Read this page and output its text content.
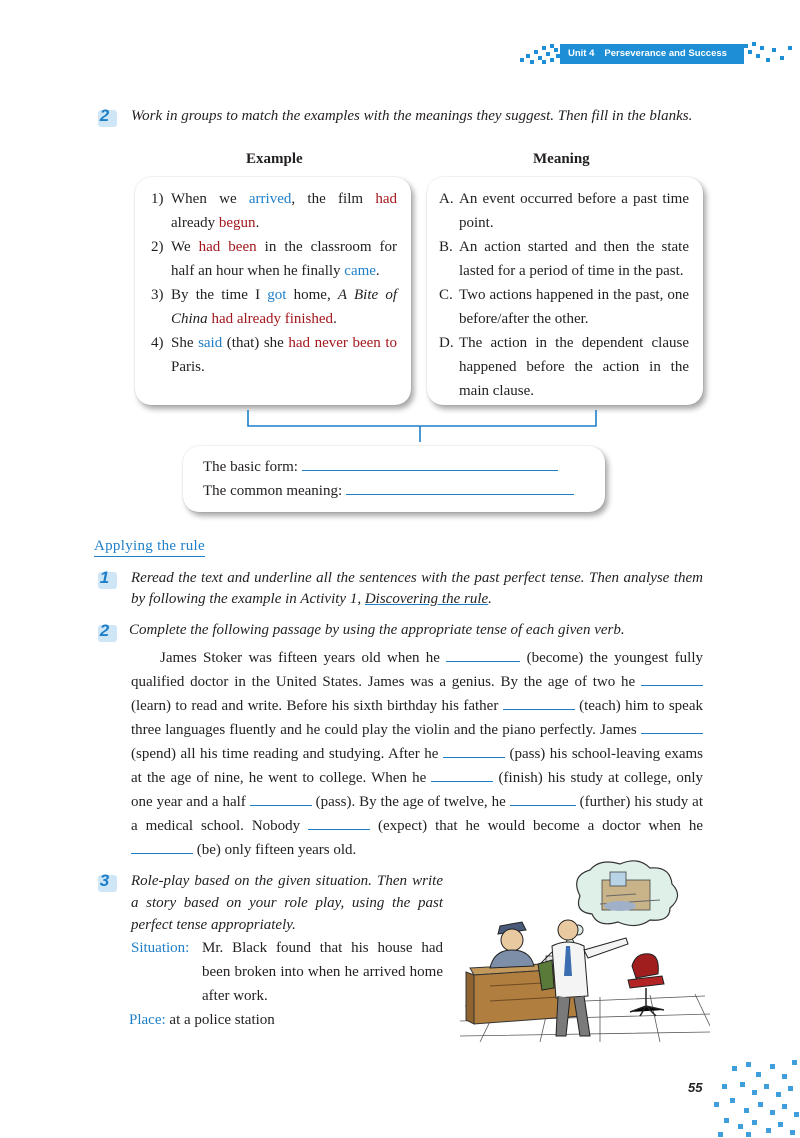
Unit 4 Perseverance and Success
2	Work in groups to match the examples with the meanings they suggest. Then fill in the blanks.
Example	Meaning
1) When we arrived, the film had already begun.
2) We had been in the classroom for half an hour when he finally came.
3) By the time I got home, A Bite of China had already finished.
4) She said (that) she had never been to Paris.
A. An event occurred before a past time point.
B. An action started and then the state lasted for a period of time in the past.
C. Two actions happened in the past, one before/after the other.
D. The action in the dependent clause happened before the action in the main clause.
The basic form:
The common meaning:
Applying the rule
1	Reread the text and underline all the sentences with the past perfect tense. Then analyse them by following the example in Activity 1, Discovering the rule.
2	Complete the following passage by using the appropriate tense of each given verb.
James Stoker was fifteen years old when he	(become) the youngest fully qualified doctor in the United States. James was a genius. By the age of two he  (learn) to read and write. Before his sixth birthday his father	(teach) him to speak three languages fluently and he could play the violin and the piano perfectly. James  (spend) all his time reading and studying. After he	(pass) his school-leaving exams at the age of nine, he went to college. When he	(finish) his study at college, only one year and a half	(pass). By the age of twelve, he	(further) his study at a medical school. Nobody	(expect) that he would become a doctor when he  (be) only fifteen years old.
3	Role-play based on the given situation. Then write a story based on your role play, using the past perfect tense appropriately.
Situation: Mr. Black found that his house had been broken into when he arrived home after work.
Place: at a police station
55
